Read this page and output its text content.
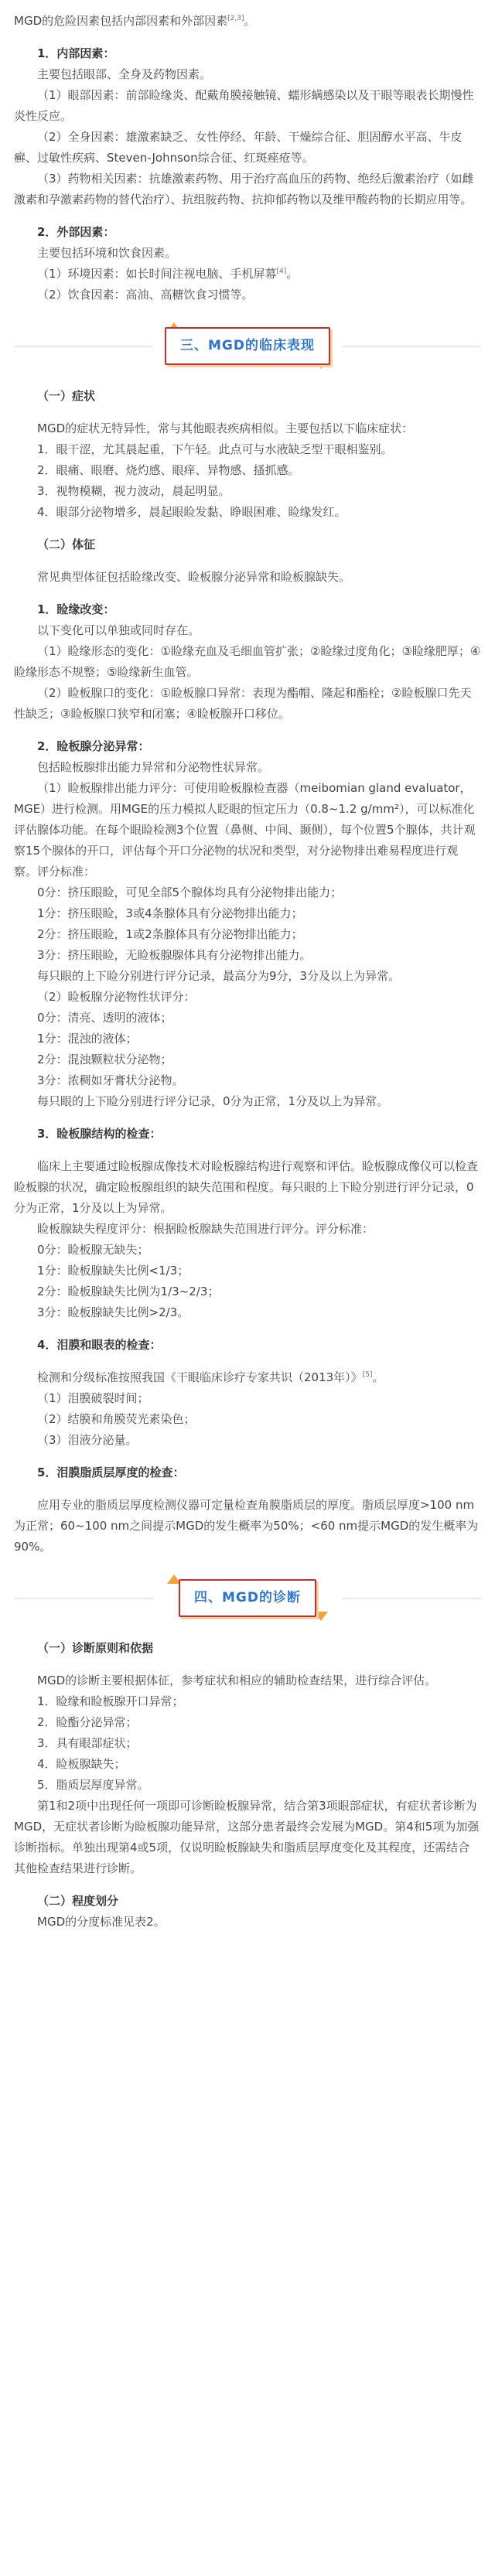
MGD的危险因素包括内部因素和外部因素[2,3]。

1．内部因素：

主要包括眼部、全身及药物因素。

（1）眼部因素：前部睑缘炎、配戴角膜接触镜、蠕形螨感染以及干眼等眼表长期慢性炎性反应。

（2）全身因素：雄激素缺乏、女性停经、年龄、干燥综合征、胆固醇水平高、牛皮癣、过敏性疾病、Steven-Johnson综合征、红斑痤疮等。

（3）药物相关因素：抗雄激素药物、用于治疗高血压的药物、绝经后激素治疗（如雌激素和孕激素药物的替代治疗）、抗组胺药物、抗抑郁药物以及维甲酸药物的长期应用等。

2．外部因素：

主要包括环境和饮食因素。

（1）环境因素：如长时间注视电脑、手机屏幕[4]。

（2）饮食因素：高油、高糖饮食习惯等。

三、MGD的临床表现

（一）症状

MGD的症状无特异性，常与其他眼表疾病相似。主要包括以下临床症状：

1．眼干涩，尤其晨起重，下午轻。此点可与水液缺乏型干眼相鉴别。

2．眼痛、眼磨、烧灼感、眼痒、异物感、搔抓感。

3．视物模糊，视力波动，晨起明显。

4．眼部分泌物增多，晨起眼睑发黏、睁眼困难、睑缘发红。

（二）体征

常见典型体征包括睑缘改变、睑板腺分泌异常和睑板腺缺失。

1．睑缘改变：

以下变化可以单独或同时存在。

（1）睑缘形态的变化：①睑缘充血及毛细血管扩张；②睑缘过度角化；③睑缘肥厚；④睑缘形态不规整；⑤睑缘新生血管。

（2）睑板腺口的变化：①睑板腺口异常：表现为酯帽、隆起和酯栓；②睑板腺口先天性缺乏；③睑板腺口狭窄和闭塞；④睑板腺开口移位。

2．睑板腺分泌异常：

包括睑板腺排出能力异常和分泌物性状异常。

（1）睑板腺排出能力评分：可使用睑板腺检查器（meibomian gland evaluator，MGE）进行检测。用MGE的压力模拟人眨眼的恒定压力（0.8~1.2 g/mm²），可以标准化评估腺体功能。在每个眼睑检测3个位置（鼻侧、中间、颞侧），每个位置5个腺体，共计观察15个腺体的开口，评估每个开口分泌物的状况和类型，对分泌物排出难易程度进行观察。评分标准：

0分：挤压眼睑，可见全部5个腺体均具有分泌物排出能力；

1分：挤压眼睑，3或4条腺体具有分泌物排出能力；

2分：挤压眼睑，1或2条腺体具有分泌物排出能力；

3分：挤压眼睑，无睑板腺腺体具有分泌物排出能力。

每只眼的上下睑分别进行评分记录，最高分为9分，3分及以上为异常。

（2）睑板腺分泌物性状评分：

0分：清亮、透明的液体；

1分：混浊的液体；

2分：混浊颗粒状分泌物；

3分：浓稠如牙膏状分泌物。

每只眼的上下睑分别进行评分记录，0分为正常，1分及以上为异常。

3．睑板腺结构的检查：

临床上主要通过睑板腺成像技术对睑板腺结构进行观察和评估。睑板腺成像仪可以检查睑板腺的状况，确定睑板腺组织的缺失范围和程度。每只眼的上下睑分别进行评分记录，0分为正常，1分及以上为异常。

睑板腺缺失程度评分：根据睑板腺缺失范围进行评分。评分标准：

0分：睑板腺无缺失；

1分：睑板腺缺失比例<1/3；

2分：睑板腺缺失比例为1/3~2/3；

3分：睑板腺缺失比例>2/3。

4．泪膜和眼表的检查：

检测和分级标准按照我国《干眼临床诊疗专家共识（2013年）》[5]。

（1）泪膜破裂时间；

（2）结膜和角膜荧光素染色；

（3）泪液分泌量。

5．泪膜脂质层厚度的检查：

应用专业的脂质层厚度检测仪器可定量检查角膜脂质层的厚度。脂质层厚度>100 nm为正常；60~100 nm之间提示MGD的发生概率为50%；<60 nm提示MGD的发生概率为90%。

四、MGD的诊断

（一）诊断原则和依据

MGD的诊断主要根据体征，参考症状和相应的辅助检查结果，进行综合评估。

1．睑缘和睑板腺开口异常；

2．睑酯分泌异常；

3．具有眼部症状；

4．睑板腺缺失；

5．脂质层厚度异常。

第1和2项中出现任何一项即可诊断睑板腺异常，结合第3项眼部症状，有症状者诊断为MGD，无症状者诊断为睑板腺功能异常，这部分患者最终会发展为MGD。第4和5项为加强诊断指标。单独出现第4或5项，仅说明睑板腺缺失和脂质层厚度变化及其程度，还需结合其他检查结果进行诊断。

（二）程度划分

MGD的分度标准见表2。
